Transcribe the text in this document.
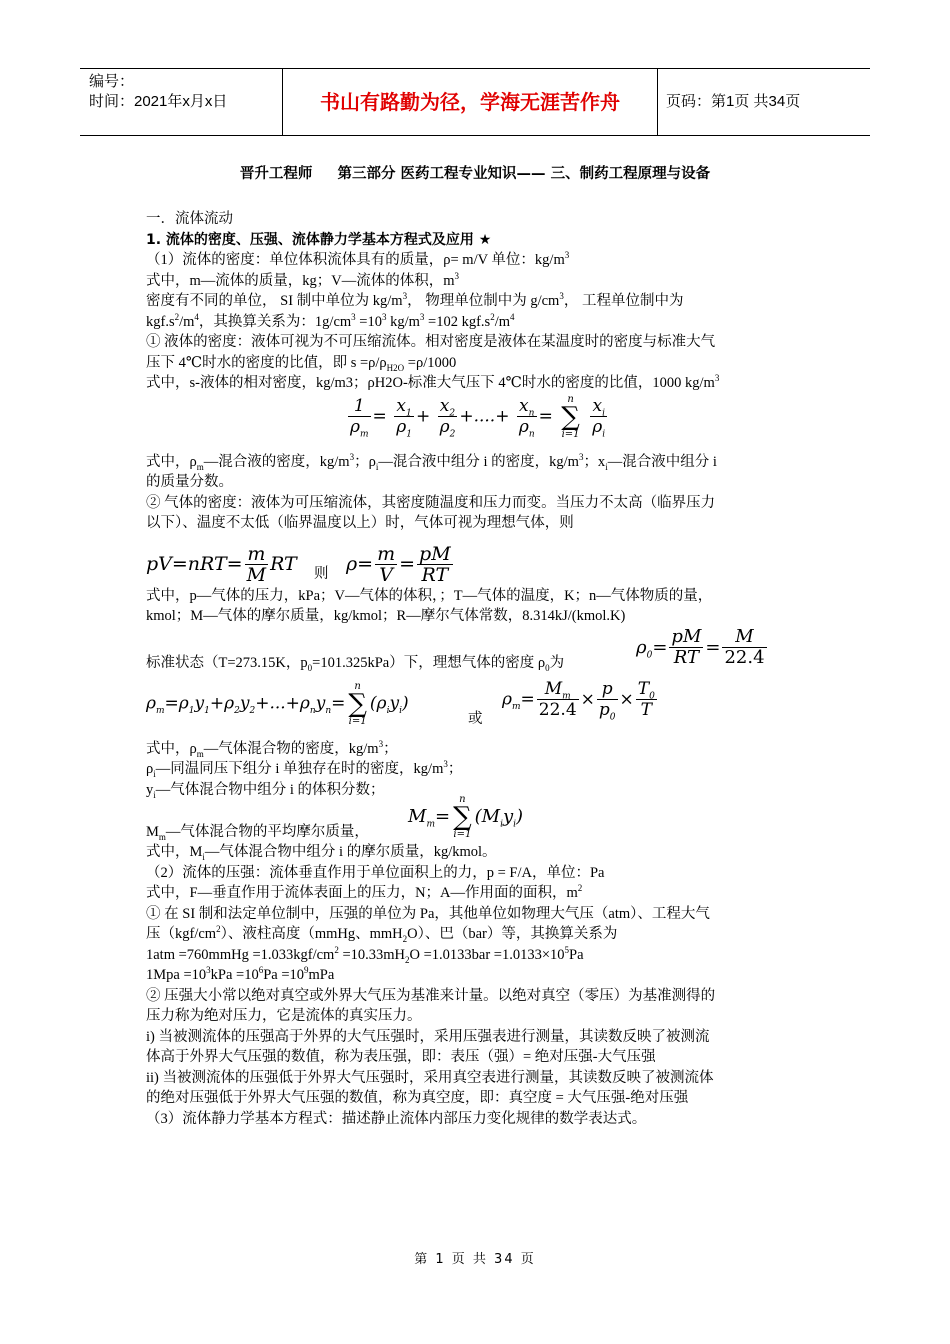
编号：
时间：2021年x月x日	书山有路勤为径，学海无涯苦作舟	页码：第1页 共34页
晋升工程师 第三部分 医药工程专业知识—— 三、制药工程原理与设备

一．流体流动

1. 流体的密度、压强、流体静力学基本方程式及应用 ★

（1）流体的密度：单位体积流体具有的质量，ρ= m/V 单位：$kg/m^3$

式中，m—流体的质量，kg；V—流体的体积，$m^3$

密度有不同的单位， SI 制中单位为 $kg/m^3$， 物理单位制中为 $g/cm^3$， 工程单位制中为

$kgf.s^2/m^4$，其换算关系为：$1g/cm^3 =10^3$ $kg/m^3 =102$ $kgf.s^2/m^4$

① 液体的密度：液体可视为不可压缩流体。相对密度是液体在某温度时的密度与标准大气

压下 4℃时水的密度的比值，即 $s =\rho/\rho_{H2O} =\rho/1000$

式中，s-液体的相对密度，kg/m3；ρH2O-标准大气压下 4℃时水的密度的比值，1000 $kg/m^3$

$\frac{1}{\rho_m} = \frac{x_1}{\rho_1} + \frac{x_2}{\rho_2}$ +....+ $\frac{x_n}{\rho_n}$ =
n
∑
i=1
$\frac{x_i}{\rho_i}$

式中，$\rho_m—$混合液的密度，$kg/m^3$；$\rho_i—$混合液中组分 i 的密度，$kg/m^3$；$x_i—$混合液中组分 i

的质量分数。

② 气体的密度：液体为可压缩流体，其密度随温度和压力而变。当压力不太高（临界压力

以下）、温度不太低（临界温度以上）时，气体可视为理想气体，则

$pV=nRT= \frac{m}{M}$ RT 则 $\rho= \frac{m}{V} = \frac{pM}{RT}$

式中，p—气体的压力，kPa；V—气体的体积，；T—气体的温度，K；n—气体物质的量，

kmol；M—气体的摩尔质量，kg/kmol；R—摩尔气体常数，8.314kJ/(kmol.K)

标准状态（T=273.15K，$p_0=101.325kPa$）下，理想气体的密度 $\rho_0$为
$\rho_0= \frac{pM}{RT} = \frac{M}{22.4}$
$\rho_m=\rho_1y_1+\rho_2y_2+...+\rho_ny_n=$
n
∑
i=1
$(\rho_iy_i)$
或
$\rho_m= \frac{M_m}{22.4} \times \frac{p}{p_0} \times \frac{T_0}{T}$

式中，$\rho_m—$气体混合物的密度，$kg/m^3$；

$\rho_i—$同温同压下组分 i 单独存在时的密度，$kg/m^3$；

$y_i—$气体混合物中组分 i 的体积分数；

$M_m=$
n
∑
i=1
$(M_iy_i)$
$M_m—$气体混合物的平均摩尔质量，

式中，$M_i—$气体混合物中组分 i 的摩尔质量，kg/kmol。

（2）流体的压强：流体垂直作用于单位面积上的力，p = F/A，单位：Pa

式中，F—垂直作用于流体表面上的压力，N；A—作用面的面积，$m^2$

① 在 SI 制和法定单位制中，压强的单位为 Pa，其他单位如物理大气压（atm）、工程大气

压$(kgf/cm^2)$、液柱高度（mmHg、mmH$_2$O）、巴（bar）等，其换算关系为

1atm =760mmHg $=1.033kgf/cm^2 =10.33mH_2O =1.0133bar =1.0133\times 10^5Pa$

$1Mpa =10^3kPa =10^6Pa =10^9mPa$

② 压强大小常以绝对真空或外界大气压为基准来计量。以绝对真空（零压）为基准测得的

压力称为绝对压力，它是流体的真实压力。

i) 当被测流体的压强高于外界的大气压强时，采用压强表进行测量，其读数反映了被测流

体高于外界大气压强的数值，称为表压强，即：表压（强）= 绝对压强-大气压强

ii) 当被测流体的压强低于外界大气压强时，采用真空表进行测量，其读数反映了被测流体

的绝对压强低于外界大气压强的数值，称为真空度，即：真空度 = 大气压强-绝对压强

（3）流体静力学基本方程式：描述静止流体内部压力变化规律的数学表达式。

第 1 页 共 34 页
